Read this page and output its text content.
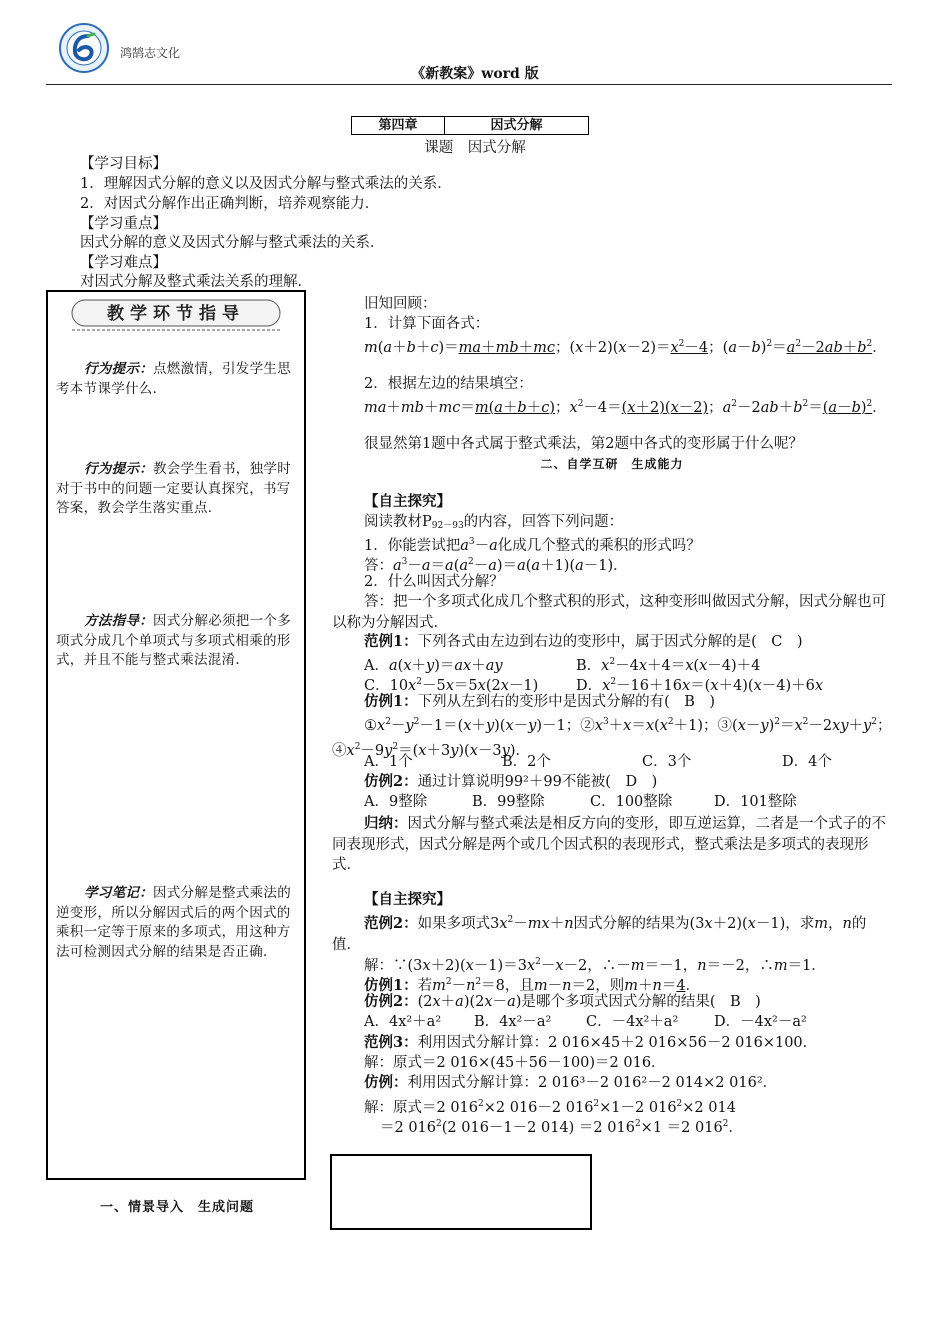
鸿鹄志文化
《新教案》word 版
第四章	因式分解
课题　因式分解
【学习目标】
1．理解因式分解的意义以及因式分解与整式乘法的关系．
2．对因式分解作出正确判断，培养观察能力．
【学习重点】
因式分解的意义及因式分解与整式乘法的关系．
【学习难点】
对因式分解及整式乘法关系的理解．
教学环节指导
行为提示：点燃激情，引发学生思考本节课学什么．
行为提示：教会学生看书，独学时对于书中的问题一定要认真探究，书写答案，教会学生落实重点．
方法指导：因式分解必须把一个多项式分成几个单项式与多项式相乘的形式，并且不能与整式乘法混淆．
学习笔记：因式分解是整式乘法的逆变形，所以分解因式后的两个因式的乘积一定等于原来的多项式，用这种方法可检测因式分解的结果是否正确．
一、情景导入　生成问题
旧知回顾：
1．计算下面各式：
m(a＋b＋c)＝ma＋mb＋mc；$(x+2)(x-2)=x^2-4$；$(a-b)^2=a^2-2ab+b^2$．
2．根据左边的结果填空：
ma＋mb＋mc＝m(a＋b＋c)；$x^2-4=(x+2)(x-2)$；$a^2-2ab+b^2=(a-b)^2$．
很显然第1题中各式属于整式乘法，第2题中各式的变形属于什么呢？
二、自学互研　生成能力
【自主探究】
阅读教材$P_{92-93}$的内容，回答下列问题：
1．你能尝试把$a^3-a$化成几个整式的乘积的形式吗？
答：$a^3-a=a(a^2-a)=a(a+1)(a-1)$．
2．什么叫因式分解？
答：把一个多项式化成几个整式积的形式，这种变形叫做因式分解，因式分解也可以称为分解因式．
范例1：下列各式由左边到右边的变形中，属于因式分解的是(　C　)
A．a(x＋y)＝ax＋ay	B．$x^2-4x+4=x(x-4)+4$
C．$10x^2-5x=5x(2x-1)$	D．$x^2-16+16x=(x+4)(x-4)+6x$
仿例1：下列从左到右的变形中是因式分解的有(　B　)
$①x^2-y^2-1=(x+y)(x-y)-1$；$②x^3+x=x(x^2+1)$；$③(x-y)^2=x^2-2xy+y^2$；$④x^2-9y^2=(x+3y)(x-3y)$．
A．1个	B．2个	C．3个	D．4个
仿例2：通过计算说明99²＋99不能被(　D　)
A．9整除	B．99整除	C．100整除	D．101整除
归纳：因式分解与整式乘法是相反方向的变形，即互逆运算，二者是一个式子的不同表现形式，因式分解是两个或几个因式积的表现形式，整式乘法是多项式的表现形式．
【自主探究】
范例2：如果多项式$3x^2-mx+n$因式分解的结果为(3x＋2)(x－1)，求m，n的值．
解：$\because(3x+2)(x-1)=3x^2-x-2$，∴－m＝－1，n＝－2，∴m＝1．
仿例1：若$m^2-n^2=8$，且m－n＝2，则m＋n＝4．
仿例2：(2x＋a)(2x－a)是哪个多项式因式分解的结果(　B　)
A．4x²＋a² B．4x²－a² C．－4x²＋a² D．－4x²－a²
范例3：利用因式分解计算：2 016×45＋2 016×56－2 016×100．
解：原式＝2 016×(45＋56－100)＝2 016．
仿例：利用因式分解计算：2 016³－2 016²－2 014×2 016²．
解：原式＝2 $016^2\times 2$ 016－2 $016^2\times 1-2$ $016^2\times 2$ 014
＝2 $016^2(2$ 016－1－2 014) ＝2 $016^2\times 1 =2$ $016^2$．
